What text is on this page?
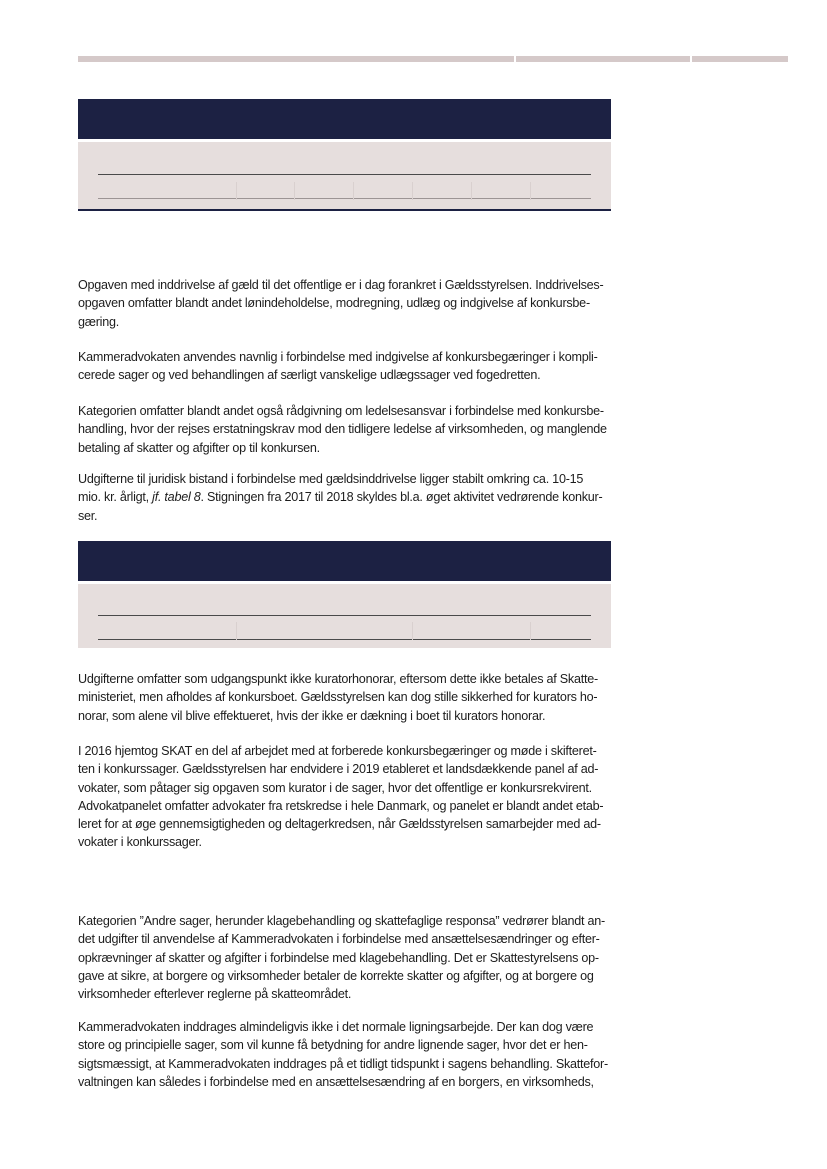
Opgaven med inddrivelse af gæld til det offentlige er i dag forankret i Gældsstyrelsen. Inddrivelses-
opgaven omfatter blandt andet lønindeholdelse, modregning, udlæg og indgivelse af konkursbe-
gæring.

Kammeradvokaten anvendes navnlig i forbindelse med indgivelse af konkursbegæringer i kompli-
cerede sager og ved behandlingen af særligt vanskelige udlægssager ved fogedretten.

Kategorien omfatter blandt andet også rådgivning om ledelsesansvar i forbindelse med konkursbe-
handling, hvor der rejses erstatningskrav mod den tidligere ledelse af virksomheden, og manglende
betaling af skatter og afgifter op til konkursen.

Udgifterne til juridisk bistand i forbindelse med gældsinddrivelse ligger stabilt omkring ca. 10-15
mio. kr. årligt, jf. tabel 8. Stigningen fra 2017 til 2018 skyldes bl.a. øget aktivitet vedrørende konkur-
ser.

Udgifterne omfatter som udgangspunkt ikke kuratorhonorar, eftersom dette ikke betales af Skatte-
ministeriet, men afholdes af konkursboet. Gældsstyrelsen kan dog stille sikkerhed for kurators ho-
norar, som alene vil blive effektueret, hvis der ikke er dækning i boet til kurators honorar.

I 2016 hjemtog SKAT en del af arbejdet med at forberede konkursbegæringer og møde i skifteret-
ten i konkurssager. Gældsstyrelsen har endvidere i 2019 etableret et landsdækkende panel af ad-
vokater, som påtager sig opgaven som kurator i de sager, hvor det offentlige er konkursrekvirent.
Advokatpanelet omfatter advokater fra retskredse i hele Danmark, og panelet er blandt andet etab-
leret for at øge gennemsigtigheden og deltagerkredsen, når Gældsstyrelsen samarbejder med ad-
vokater i konkurssager.

Kategorien ”Andre sager, herunder klagebehandling og skattefaglige responsa” vedrører blandt an-
det udgifter til anvendelse af Kammeradvokaten i forbindelse med ansættelsesændringer og efter-
opkrævninger af skatter og afgifter i forbindelse med klagebehandling. Det er Skattestyrelsens op-
gave at sikre, at borgere og virksomheder betaler de korrekte skatter og afgifter, og at borgere og
virksomheder efterlever reglerne på skatteområdet.

Kammeradvokaten inddrages almindeligvis ikke i det normale ligningsarbejde. Der kan dog være
store og principielle sager, som vil kunne få betydning for andre lignende sager, hvor det er hen-
sigtsmæssigt, at Kammeradvokaten inddrages på et tidligt tidspunkt i sagens behandling. Skattefor-
valtningen kan således i forbindelse med en ansættelsesændring af en borgers, en virksomheds,
